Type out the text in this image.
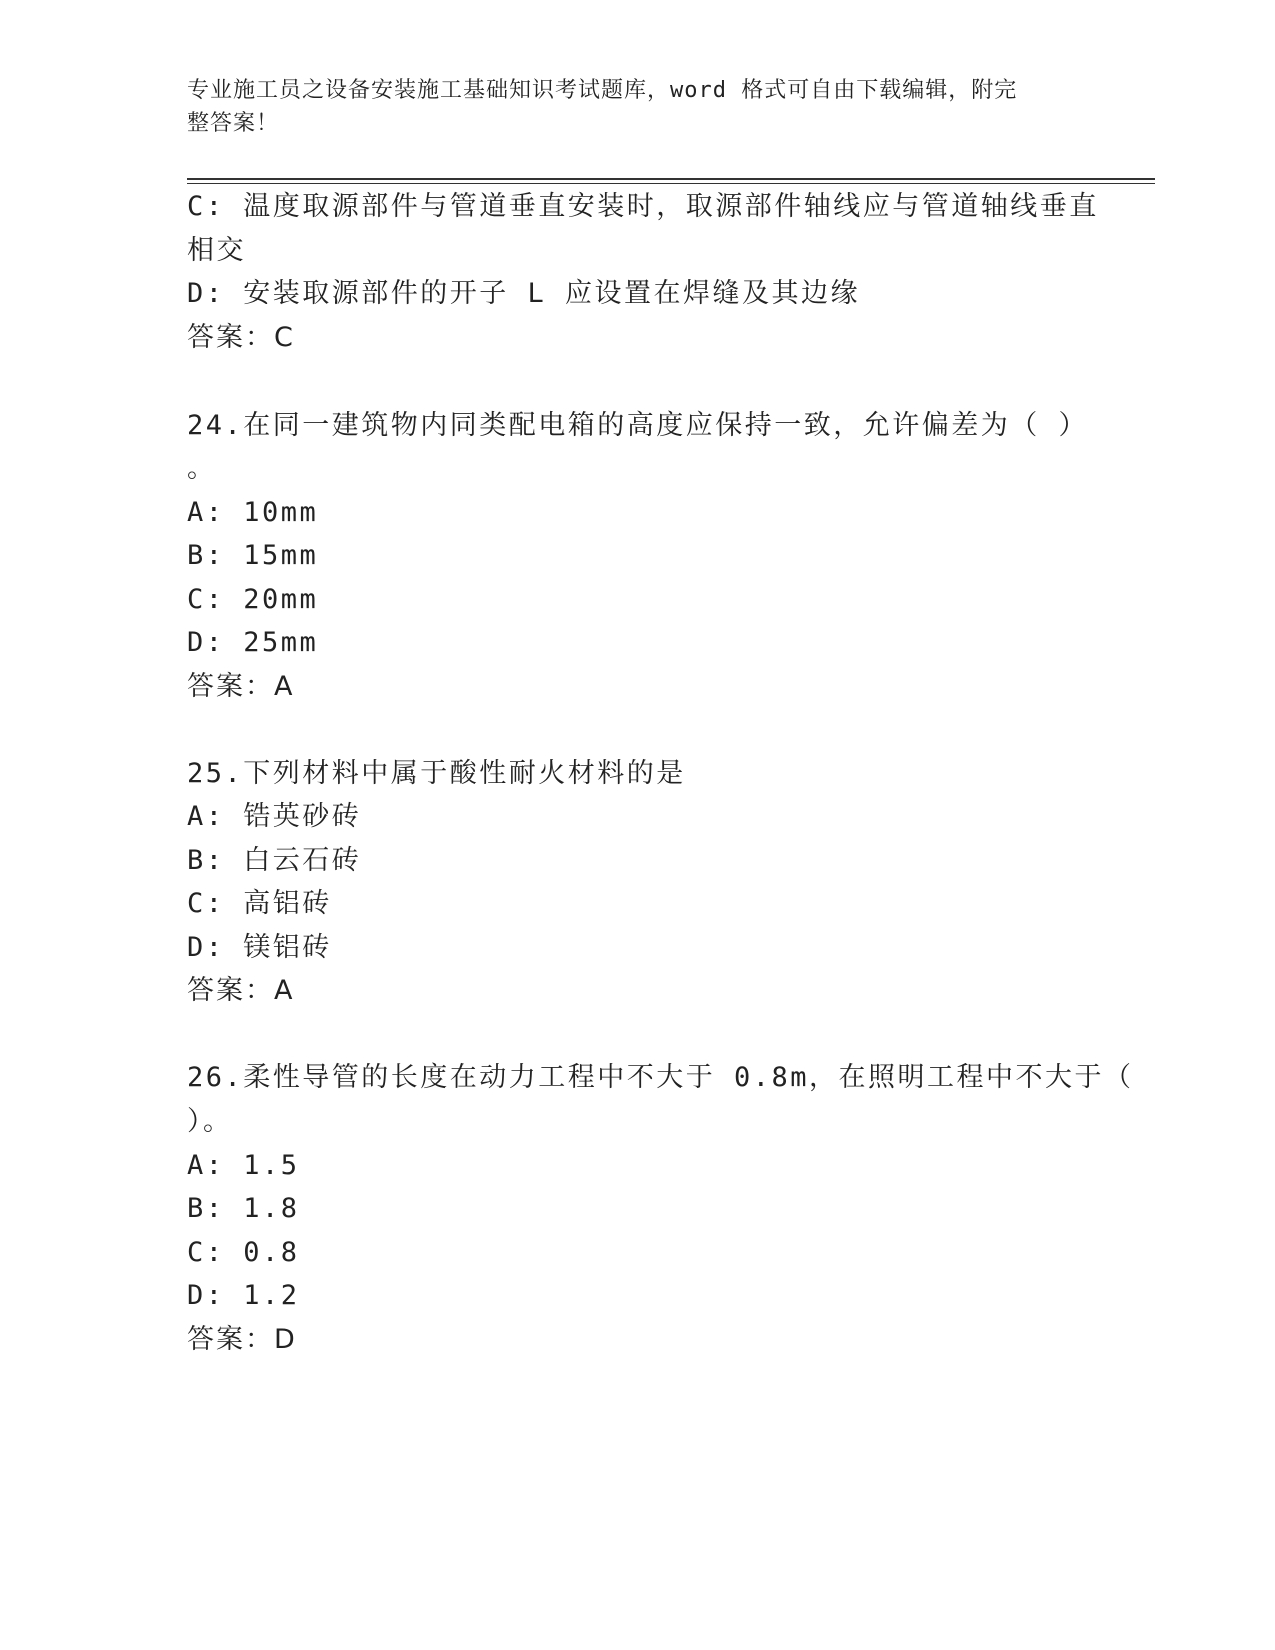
专业施工员之设备安装施工基础知识考试题库，word 格式可自由下载编辑，附完
整答案！
C: 温度取源部件与管道垂直安装时，取源部件轴线应与管道轴线垂直
相交
D: 安装取源部件的开子 L 应设置在焊缝及其边缘
答案：C
24.在同一建筑物内同类配电箱的高度应保持一致，允许偏差为（ ）
。
A: 10mm
B: 15mm
C: 20mm
D: 25mm
答案：A
25.下列材料中属于酸性耐火材料的是
A: 锆英砂砖
B: 白云石砖
C: 高铝砖
D: 镁铝砖
答案：A
26.柔性导管的长度在动力工程中不大于 0.8m，在照明工程中不大于（
）。
A: 1.5
B: 1.8
C: 0.8
D: 1.2
答案：D
